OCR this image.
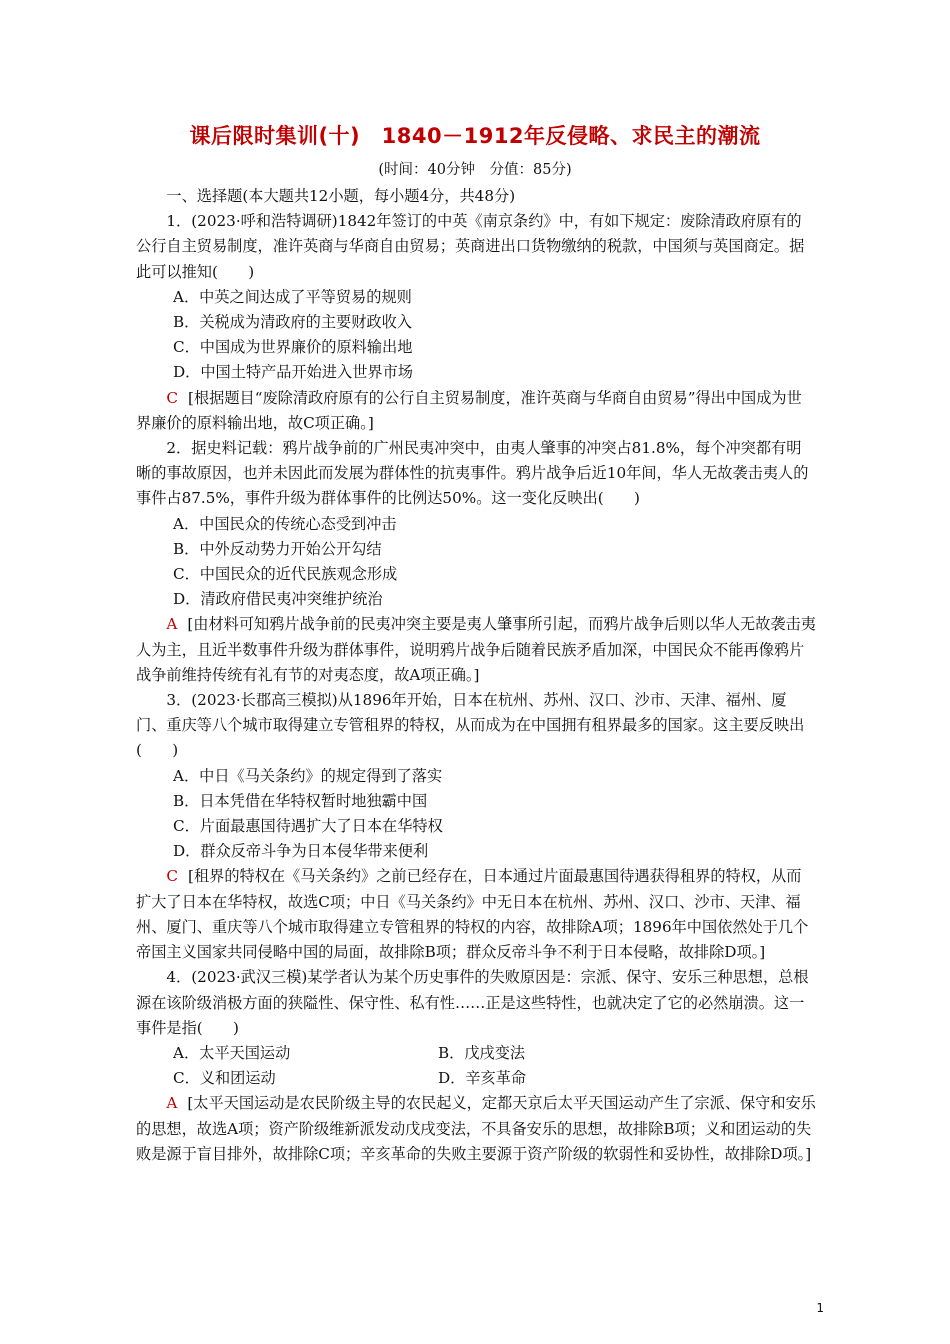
课后限时集训(十)　1840－1912年反侵略、求民主的潮流
(时间：40分钟　分值：85分)

一、选择题(本大题共12小题，每小题4分，共48分)

1．(2023·呼和浩特调研)1842年签订的中英《南京条约》中，有如下规定：废除清政府原有的公行自主贸易制度，准许英商与华商自由贸易；英商进出口货物缴纳的税款，中国须与英国商定。据此可以推知(　　)

A．中英之间达成了平等贸易的规则

B．关税成为清政府的主要财政收入

C．中国成为世界廉价的原料输出地

D．中国土特产品开始进入世界市场

C [根据题目“废除清政府原有的公行自主贸易制度，准许英商与华商自由贸易”得出中国成为世界廉价的原料输出地，故C项正确。]

2．据史料记载：鸦片战争前的广州民夷冲突中，由夷人肇事的冲突占81.8%，每个冲突都有明晰的事故原因，也并未因此而发展为群体性的抗夷事件。鸦片战争后近10年间，华人无故袭击夷人的事件占87.5%，事件升级为群体事件的比例达50%。这一变化反映出(　　)

A．中国民众的传统心态受到冲击

B．中外反动势力开始公开勾结

C．中国民众的近代民族观念形成

D．清政府借民夷冲突维护统治

A [由材料可知鸦片战争前的民夷冲突主要是夷人肇事所引起，而鸦片战争后则以华人无故袭击夷人为主，且近半数事件升级为群体事件，说明鸦片战争后随着民族矛盾加深，中国民众不能再像鸦片战争前维持传统有礼有节的对夷态度，故A项正确。]

3．(2023·长郡高三模拟)从1896年开始，日本在杭州、苏州、汉口、沙市、天津、福州、厦门、重庆等八个城市取得建立专管租界的特权，从而成为在中国拥有租界最多的国家。这主要反映出(　　)

A．中日《马关条约》的规定得到了落实

B．日本凭借在华特权暂时地独霸中国

C．片面最惠国待遇扩大了日本在华特权

D．群众反帝斗争为日本侵华带来便利

C [租界的特权在《马关条约》之前已经存在，日本通过片面最惠国待遇获得租界的特权，从而扩大了日本在华特权，故选C项；中日《马关条约》中无日本在杭州、苏州、汉口、沙市、天津、福州、厦门、重庆等八个城市取得建立专管租界的特权的内容，故排除A项；1896年中国依然处于几个帝国主义国家共同侵略中国的局面，故排除B项；群众反帝斗争不利于日本侵略，故排除D项。]

4．(2023·武汉三模)某学者认为某个历史事件的失败原因是：宗派、保守、安乐三种思想，总根源在该阶级消极方面的狭隘性、保守性、私有性……正是这些特性，也就决定了它的必然崩溃。这一事件是指(　　)

A．太平天国运动	B．戊戌变法
C．义和团运动	D．辛亥革命

A [太平天国运动是农民阶级主导的农民起义，定都天京后太平天国运动产生了宗派、保守和安乐的思想，故选A项；资产阶级维新派发动戊戌变法，不具备安乐的思想，故排除B项；义和团运动的失败是源于盲目排外，故排除C项；辛亥革命的失败主要源于资产阶级的软弱性和妥协性，故排除D项。]

1
